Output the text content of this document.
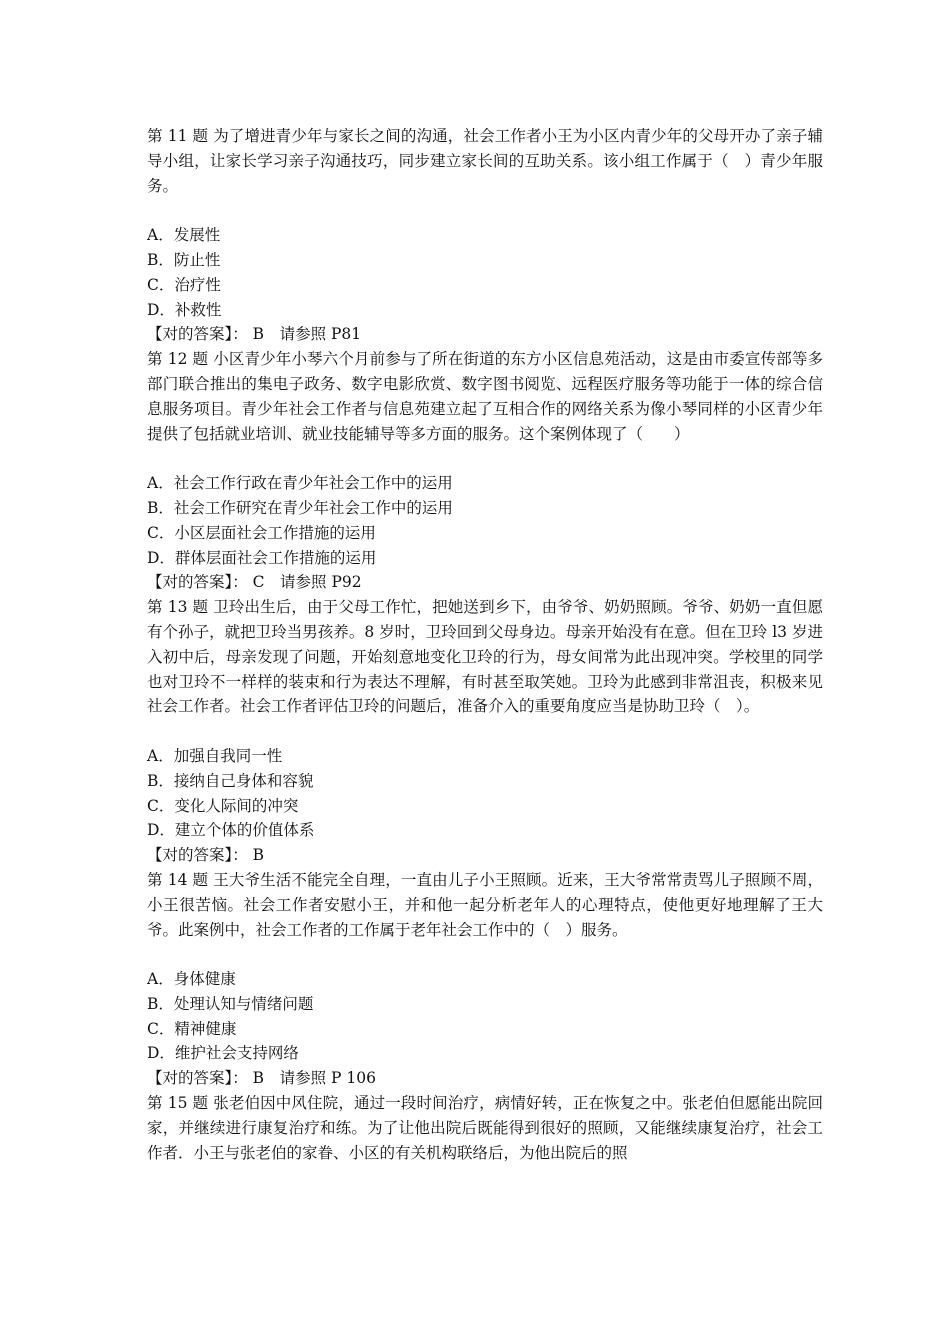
第 11 题 为了增进青少年与家长之间的沟通，社会工作者小王为小区内青少年的父母开办了亲子辅导小组，让家长学习亲子沟通技巧，同步建立家长间的互助关系。该小组工作属于（　）青少年服务。

A．发展性

B．防止性

C．治疗性

D．补救性

【对的答案】： B　请参照 P81

第 12 题 小区青少年小琴六个月前参与了所在街道的东方小区信息苑活动，这是由市委宣传部等多部门联合推出的集电子政务、数字电影欣赏、数字图书阅览、远程医疗服务等功能于一体的综合信息服务项目。青少年社会工作者与信息苑建立起了互相合作的网络关系为像小琴同样的小区青少年提供了包括就业培训、就业技能辅导等多方面的服务。这个案例体现了（　　）

A．社会工作行政在青少年社会工作中的运用

B．社会工作研究在青少年社会工作中的运用

C．小区层面社会工作措施的运用

D．群体层面社会工作措施的运用

【对的答案】： C　请参照 P92

第 13 题 卫玲出生后，由于父母工作忙，把她送到乡下，由爷爷、奶奶照顾。爷爷、奶奶一直但愿有个孙子，就把卫玲当男孩养。8 岁时，卫玲回到父母身边。母亲开始没有在意。但在卫玲 l3 岁进入初中后，母亲发现了问题，开始刻意地变化卫玲的行为，母女间常为此出现冲突。学校里的同学也对卫玲不一样样的装束和行为表达不理解，有时甚至取笑她。卫玲为此感到非常沮丧，积极来见社会工作者。社会工作者评估卫玲的问题后，准备介入的重要角度应当是协助卫玲（　）。

A．加强自我同一性

B．接纳自己身体和容貌

C．变化人际间的冲突

D．建立个体的价值体系

【对的答案】： B

第 14 题 王大爷生活不能完全自理，一直由儿子小王照顾。近来，王大爷常常责骂儿子照顾不周，小王很苦恼。社会工作者安慰小王，并和他一起分析老年人的心理特点，使他更好地理解了王大爷。此案例中，社会工作者的工作属于老年社会工作中的（　）服务。

A．身体健康

B．处理认知与情绪问题

C．精神健康

D．维护社会支持网络

【对的答案】： B　请参照 P 106

第 15 题 张老伯因中风住院，通过一段时间治疗，病情好转，正在恢复之中。张老伯但愿能出院回家，并继续进行康复治疗和练。为了让他出院后既能得到很好的照顾，又能继续康复治疗，社会工作者．小王与张老伯的家眷、小区的有关机构联络后，为他出院后的照
